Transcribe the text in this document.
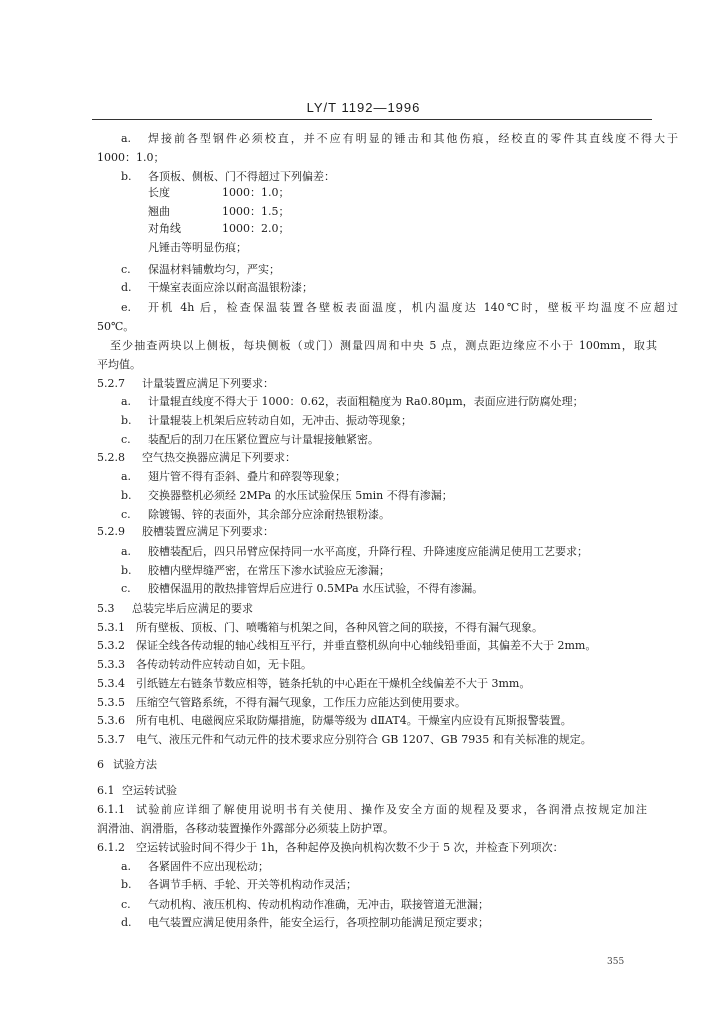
LY/T 1192—1996
a. 焊接前各型钢件必须校直，并不应有明显的锤击和其他伤痕，经校直的零件其直线度不得大于
1000：1.0；
b. 各顶板、侧板、门不得超过下列偏差：
长度	1000：1.0；
翘曲	1000：1.5；
对角线	1000：2.0；
凡锤击等明显伤痕；
c. 保温材料铺敷均匀，严实；
d. 干燥室表面应涂以耐高温银粉漆；
e. 开机 4h 后，检查保温装置各壁板表面温度，机内温度达 140℃时，壁板平均温度不应超过
50℃。
至少抽查两块以上侧板，每块侧板（或门）测量四周和中央 5 点，测点距边缘应不小于 100mm，取其
平均值。
5.2.7 计量装置应满足下列要求：
a. 计量辊直线度不得大于 1000：0.62，表面粗糙度为 Ra0.80μm，表面应进行防腐处理；
b. 计量辊装上机架后应转动自如，无冲击、振动等现象；
c. 装配后的刮刀在压紧位置应与计量辊接触紧密。
5.2.8 空气热交换器应满足下列要求：
a. 翅片管不得有歪斜、叠片和碎裂等现象；
b. 交换器整机必须经 2MPa 的水压试验保压 5min 不得有渗漏；
c. 除镀锡、锌的表面外，其余部分应涂耐热银粉漆。
5.2.9 胶槽装置应满足下列要求：
a. 胶槽装配后，四只吊臂应保持同一水平高度，升降行程、升降速度应能满足使用工艺要求；
b. 胶槽内壁焊缝严密，在常压下渗水试验应无渗漏；
c. 胶槽保温用的散热排管焊后应进行 0.5MPa 水压试验，不得有渗漏。
5.3 总装完毕后应满足的要求
5.3.1 所有壁板、顶板、门、喷嘴箱与机架之间，各种风管之间的联接，不得有漏气现象。
5.3.2 保证全线各传动辊的轴心线相互平行，并垂直整机纵向中心轴线铅垂面，其偏差不大于 2mm。
5.3.3 各传动转动件应转动自如，无卡阻。
5.3.4 引纸链左右链条节数应相等，链条托轨的中心距在干燥机全线偏差不大于 3mm。
5.3.5 压缩空气管路系统，不得有漏气现象，工作压力应能达到使用要求。
5.3.6 所有电机、电磁阀应采取防爆措施，防爆等级为 dⅡAT4。干燥室内应设有瓦斯报警装置。
5.3.7 电气、液压元件和气动元件的技术要求应分别符合 GB 1207、GB 7935 和有关标准的规定。
6 试验方法
6.1 空运转试验
6.1.1 试验前应详细了解使用说明书有关使用、操作及安全方面的规程及要求，各润滑点按规定加注
润滑油、润滑脂，各移动装置操作外露部分必须装上防护罩。
6.1.2 空运转试验时间不得少于 1h，各种起停及换向机构次数不少于 5 次，并检查下列项次：
a. 各紧固件不应出现松动；
b. 各调节手柄、手轮、开关等机构动作灵活；
c. 气动机构、液压机构、传动机构动作准确，无冲击，联接管道无泄漏；
d. 电气装置应满足使用条件，能安全运行，各项控制功能满足预定要求；
355
